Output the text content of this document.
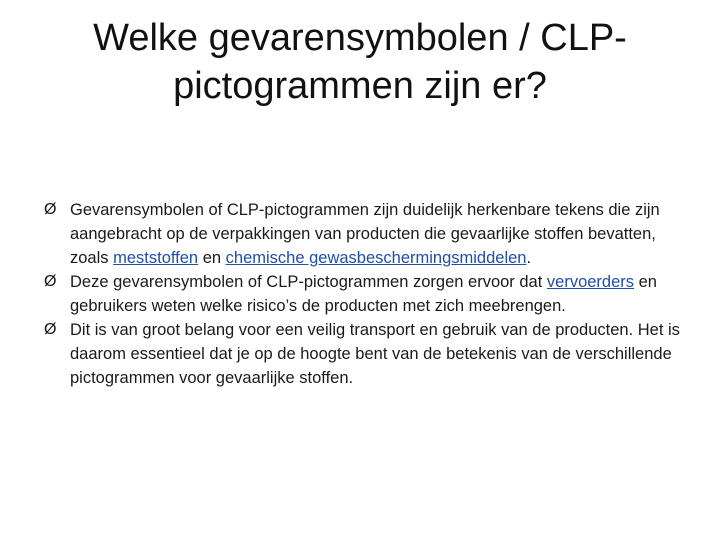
Welke gevarensymbolen / CLP-
pictogrammen zijn er?
Ø Gevarensymbolen of CLP-pictogrammen zijn duidelijk herkenbare tekens die zijn aangebracht op de verpakkingen van producten die gevaarlijke stoffen bevatten, zoals meststoffen en chemische gewasbeschermingsmiddelen.
Ø Deze gevarensymbolen of CLP-pictogrammen zorgen ervoor dat vervoerders en gebruikers weten welke risico’s de producten met zich meebrengen.
Ø Dit is van groot belang voor een veilig transport en gebruik van de producten. Het is daarom essentieel dat je op de hoogte bent van de betekenis van de verschillende pictogrammen voor gevaarlijke stoffen.
